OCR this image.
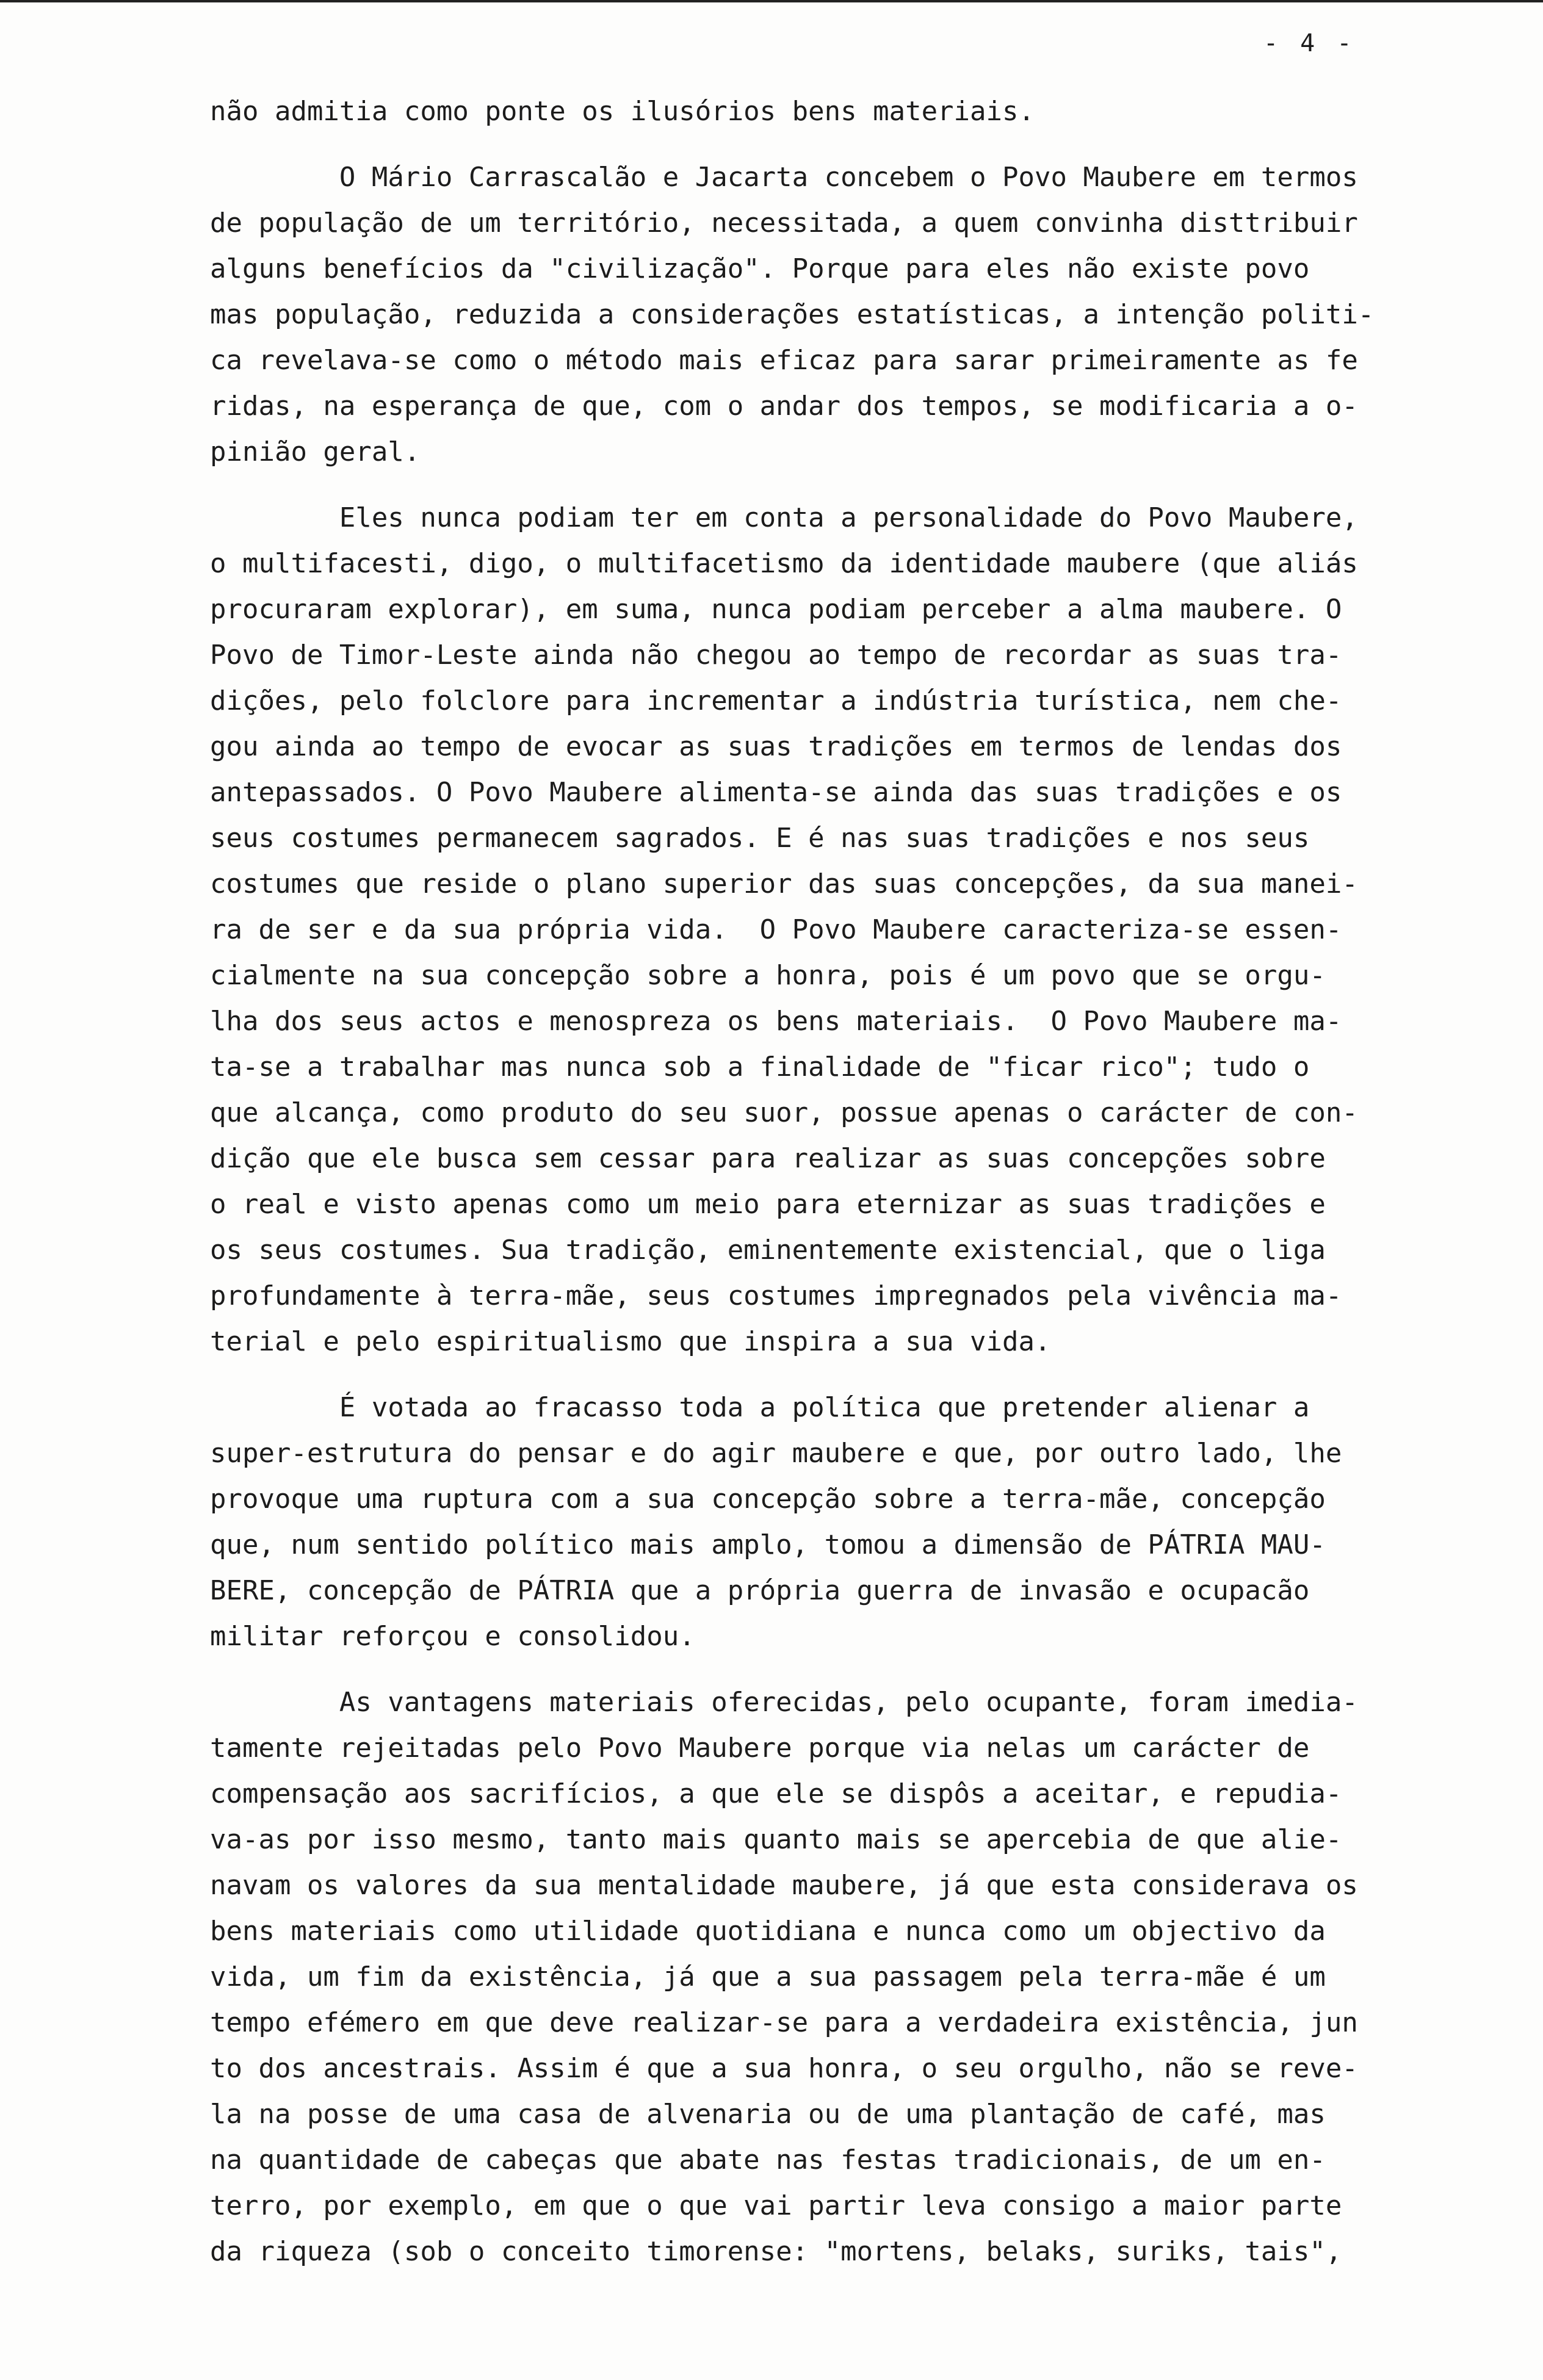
- 4 -
não admitia como ponte os ilusórios bens materiais.
O Mário Carrascalão e Jacarta concebem o Povo Maubere em termos
de população de um território, necessitada, a quem convinha disttribuir
alguns benefícios da "civilização". Porque para eles não existe povo
mas população, reduzida a considerações estatísticas, a intenção politi-
ca revelava-se como o método mais eficaz para sarar primeiramente as fe
ridas, na esperança de que, com o andar dos tempos, se modificaria a o-
pinião geral.
Eles nunca podiam ter em conta a personalidade do Povo Maubere,
o multifacesti, digo, o multifacetismo da identidade maubere (que aliás
procuraram explorar), em suma, nunca podiam perceber a alma maubere. O
Povo de Timor-Leste ainda não chegou ao tempo de recordar as suas tra-
dições, pelo folclore para incrementar a indústria turística, nem che-
gou ainda ao tempo de evocar as suas tradições em termos de lendas dos
antepassados. O Povo Maubere alimenta-se ainda das suas tradições e os
seus costumes permanecem sagrados. E é nas suas tradições e nos seus
costumes que reside o plano superior das suas concepções, da sua manei-
ra de ser e da sua própria vida.  O Povo Maubere caracteriza-se essen-
cialmente na sua concepção sobre a honra, pois é um povo que se orgu-
lha dos seus actos e menospreza os bens materiais.  O Povo Maubere ma-
ta-se a trabalhar mas nunca sob a finalidade de "ficar rico"; tudo o
que alcança, como produto do seu suor, possue apenas o carácter de con-
dição que ele busca sem cessar para realizar as suas concepções sobre
o real e visto apenas como um meio para eternizar as suas tradições e
os seus costumes. Sua tradição, eminentemente existencial, que o liga
profundamente à terra-mãe, seus costumes impregnados pela vivência ma-
terial e pelo espiritualismo que inspira a sua vida.
É votada ao fracasso toda a política que pretender alienar a
super-estrutura do pensar e do agir maubere e que, por outro lado, lhe
provoque uma ruptura com a sua concepção sobre a terra-mãe, concepção
que, num sentido político mais amplo, tomou a dimensão de PÁTRIA MAU-
BERE, concepção de PÁTRIA que a própria guerra de invasão e ocupacão
militar reforçou e consolidou.
As vantagens materiais oferecidas, pelo ocupante, foram imedia-
tamente rejeitadas pelo Povo Maubere porque via nelas um carácter de
compensação aos sacrifícios, a que ele se dispôs a aceitar, e repudia-
va-as por isso mesmo, tanto mais quanto mais se apercebia de que alie-
navam os valores da sua mentalidade maubere, já que esta considerava os
bens materiais como utilidade quotidiana e nunca como um objectivo da
vida, um fim da existência, já que a sua passagem pela terra-mãe é um
tempo efémero em que deve realizar-se para a verdadeira existência, jun
to dos ancestrais. Assim é que a sua honra, o seu orgulho, não se reve-
la na posse de uma casa de alvenaria ou de uma plantação de café, mas
na quantidade de cabeças que abate nas festas tradicionais, de um en-
terro, por exemplo, em que o que vai partir leva consigo a maior parte
da riqueza (sob o conceito timorense: "mortens, belaks, suriks, tais",
